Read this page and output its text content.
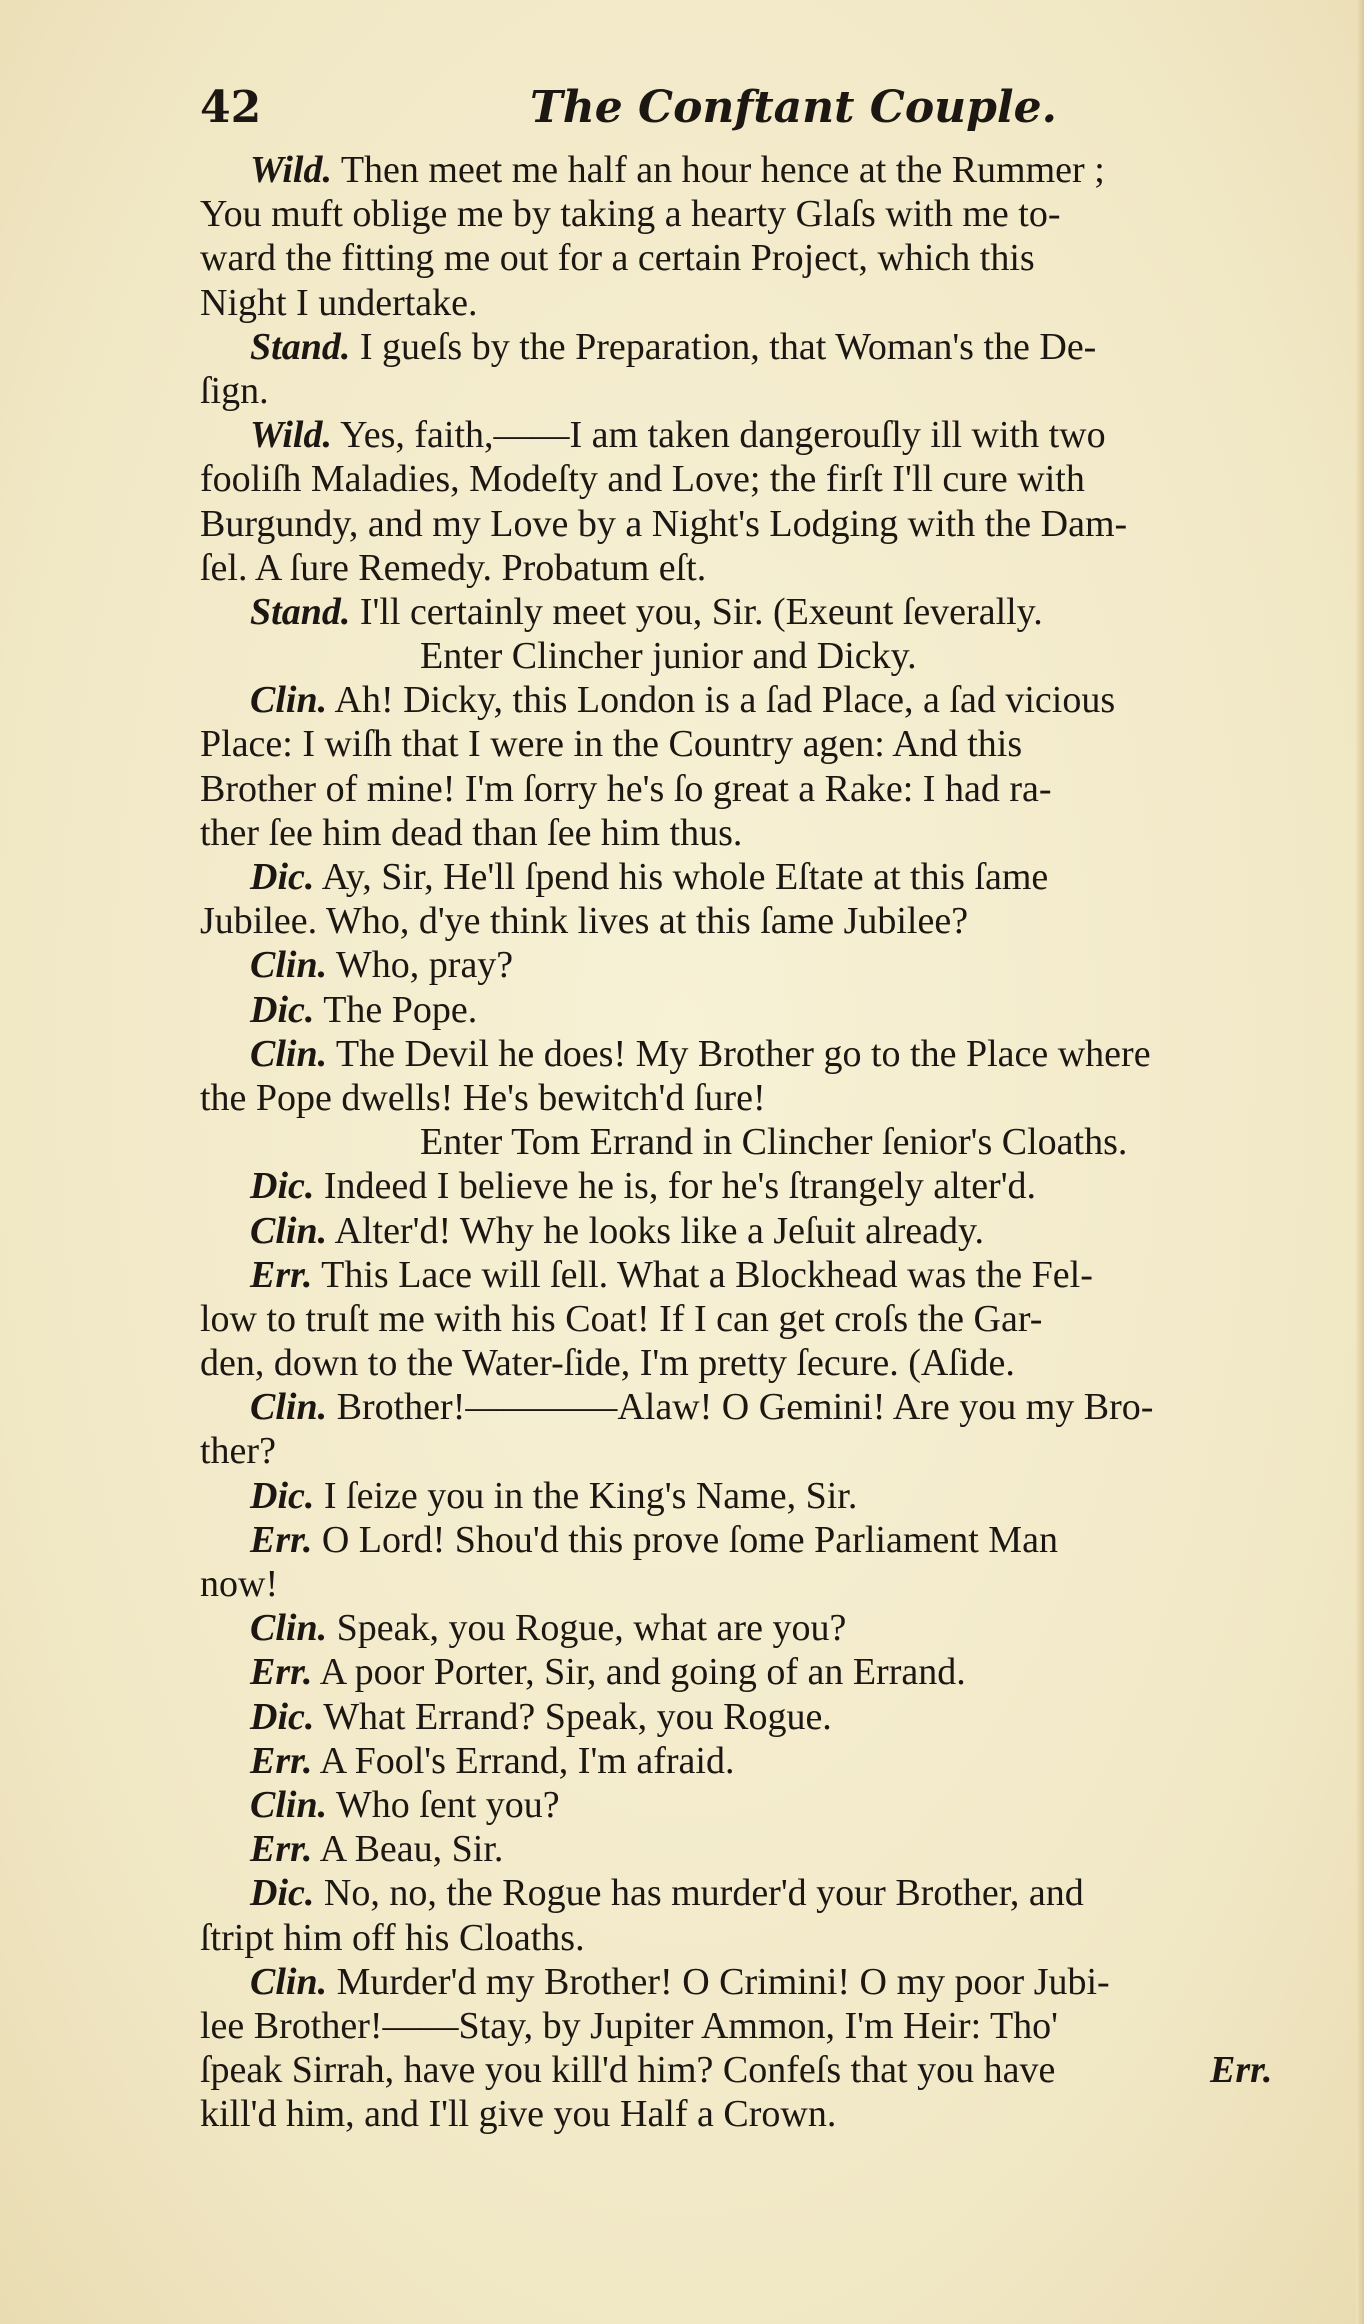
42	The Conftant Couple.
Wild. Then meet me half an hour hence at the Rummer ;
You muft oblige me by taking a hearty Glaſs with me to-
ward the fitting me out for a certain Project, which this
Night I undertake.
Stand. I gueſs by the Preparation, that Woman's the De-
ſign.
Wild. Yes, faith,——I am taken dangerouſly ill with two
fooliſh Maladies, Modeſty and Love; the firſt I'll cure with
Burgundy, and my Love by a Night's Lodging with the Dam-
ſel. A ſure Remedy. Probatum eſt.
Stand. I'll certainly meet you, Sir. (Exeunt ſeverally.
Enter Clincher junior and Dicky.
Clin. Ah! Dicky, this London is a ſad Place, a ſad vicious
Place: I wiſh that I were in the Country agen: And this
Brother of mine! I'm ſorry he's ſo great a Rake: I had ra-
ther ſee him dead than ſee him thus.
Dic. Ay, Sir, He'll ſpend his whole Eſtate at this ſame
Jubilee. Who, d'ye think lives at this ſame Jubilee?
Clin. Who, pray?
Dic. The Pope.
Clin. The Devil he does! My Brother go to the Place where
the Pope dwells! He's bewitch'd ſure!
Enter Tom Errand in Clincher ſenior's Cloaths.
Dic. Indeed I believe he is, for he's ſtrangely alter'd.
Clin. Alter'd! Why he looks like a Jeſuit already.
Err. This Lace will ſell. What a Blockhead was the Fel-
low to truſt me with his Coat! If I can get croſs the Gar-
den, down to the Water-ſide, I'm pretty ſecure. (Aſide.
Clin. Brother!————Alaw! O Gemini! Are you my Bro-
ther?
Dic. I ſeize you in the King's Name, Sir.
Err. O Lord! Shou'd this prove ſome Parliament Man
now!
Clin. Speak, you Rogue, what are you?
Err. A poor Porter, Sir, and going of an Errand.
Dic. What Errand? Speak, you Rogue.
Err. A Fool's Errand, I'm afraid.
Clin. Who ſent you?
Err. A Beau, Sir.
Dic. No, no, the Rogue has murder'd your Brother, and
ſtript him off his Cloaths.
Clin. Murder'd my Brother! O Crimini! O my poor Jubi-
lee Brother!——Stay, by Jupiter Ammon, I'm Heir: Tho'
ſpeak Sirrah, have you kill'd him? Confeſs that you have
kill'd him, and I'll give you Half a Crown.
Err.
